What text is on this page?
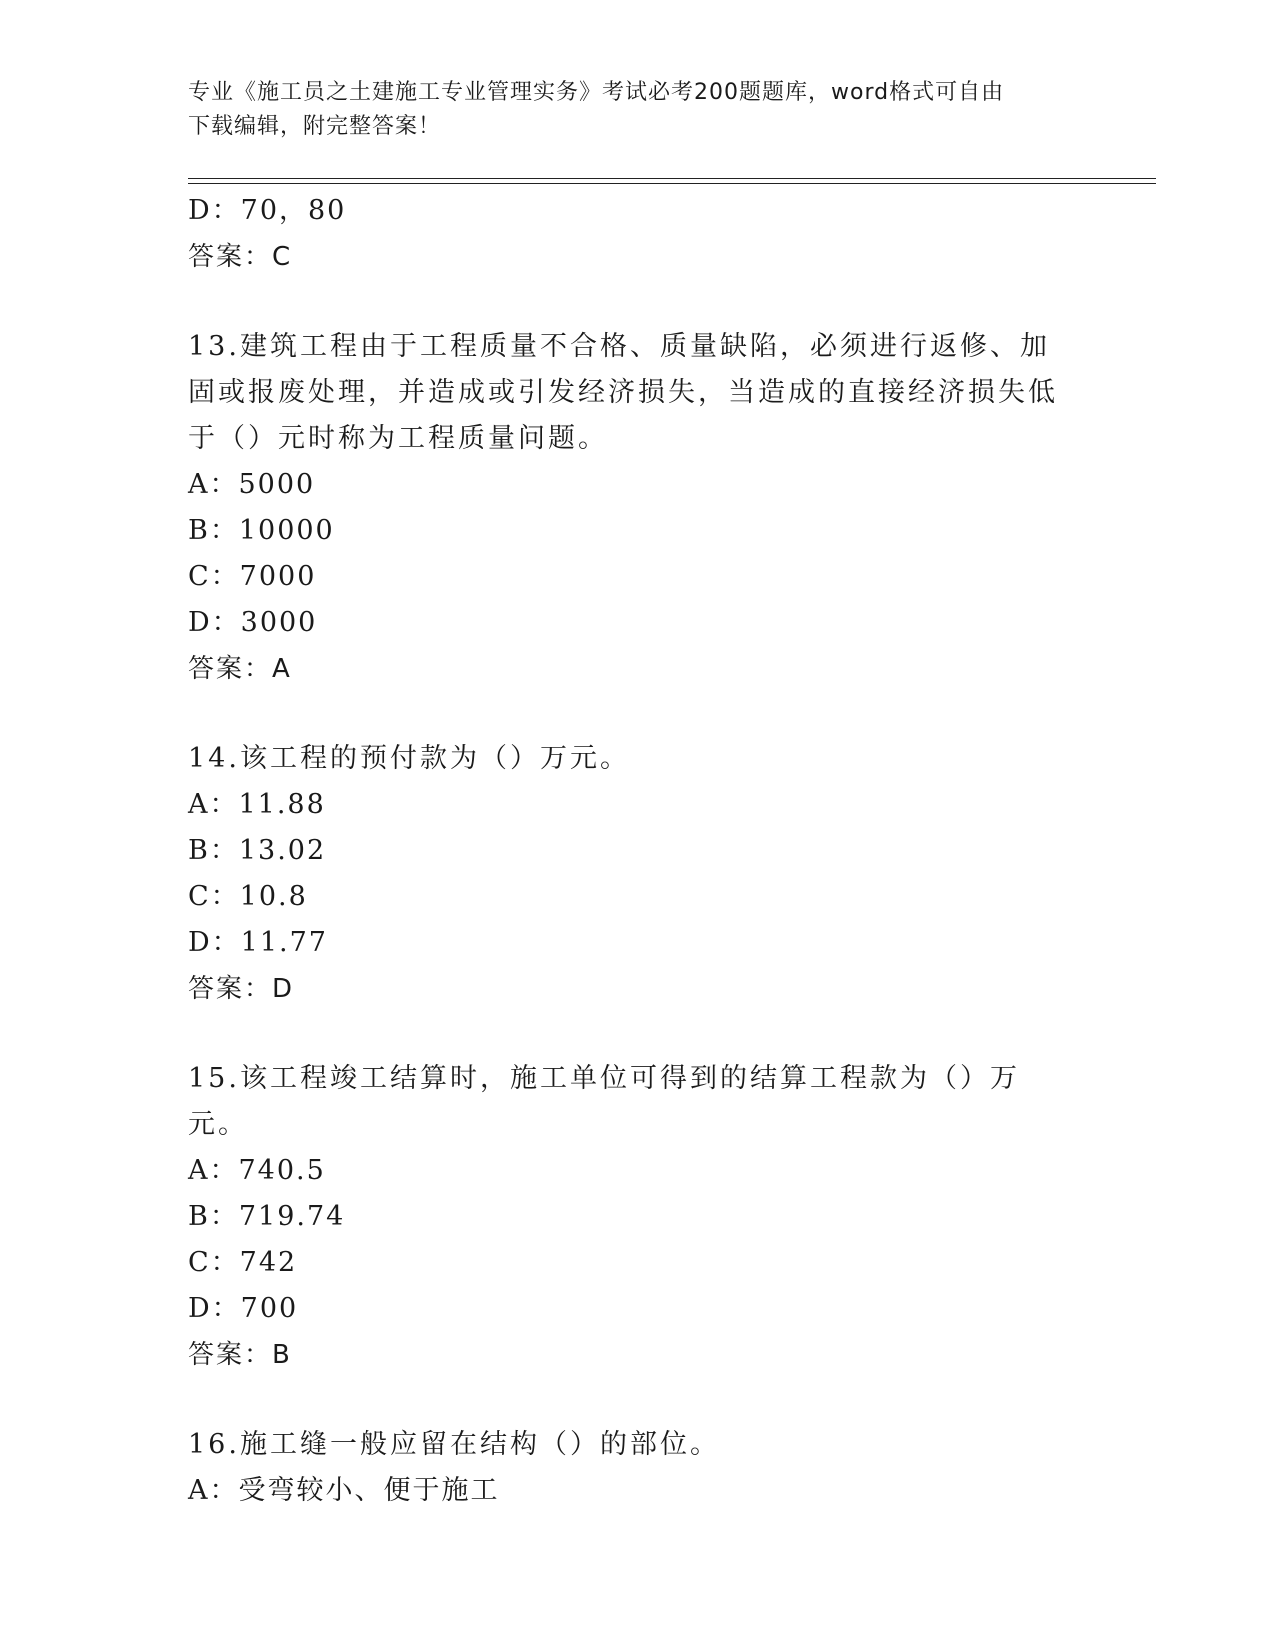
专业《施工员之土建施工专业管理实务》考试必考200题题库，word格式可自由
下载编辑，附完整答案！
D：70，80
答案：C
13.建筑工程由于工程质量不合格、质量缺陷，必须进行返修、加固或报废处理，并造成或引发经济损失，当造成的直接经济损失低于（）元时称为工程质量问题。
A：5000
B：10000
C：7000
D：3000
答案：A
14.该工程的预付款为（）万元。
A：11.88
B：13.02
C：10.8
D：11.77
答案：D
15.该工程竣工结算时，施工单位可得到的结算工程款为（）万元。
A：740.5
B：719.74
C：742
D：700
答案：B
16.施工缝一般应留在结构（）的部位。
A：受弯较小、便于施工
